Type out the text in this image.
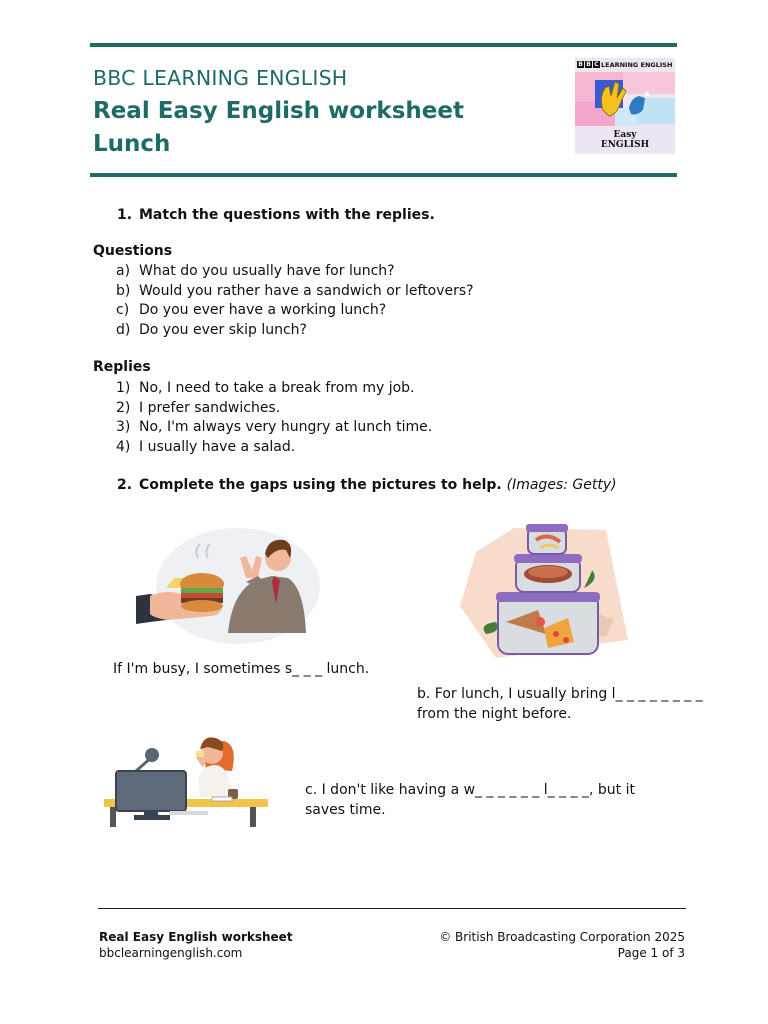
BBC LEARNING ENGLISH
Real Easy English worksheet
Lunch
B B C LEARNING ENGLISH
Easy
ENGLISH
1. Match the questions with the replies.
Questions
a) What do you usually have for lunch?
b) Would you rather have a sandwich or leftovers?
c) Do you ever have a working lunch?
d) Do you ever skip lunch?
Replies
1) No, I need to take a break from my job.
2) I prefer sandwiches.
3) No, I'm always very hungry at lunch time.
4) I usually have a salad.
2. Complete the gaps using the pictures to help. (Images: Getty)
If I'm busy, I sometimes s_ _ _ lunch.
b. For lunch, I usually bring l_ _ _ _ _ _ _ _
from the night before.
c. I don't like having a w_ _ _ _ _ _ l_ _ _ _, but it
saves time.
Real Easy English worksheet
bbclearningenglish.com
© British Broadcasting Corporation 2025
Page 1 of 3
